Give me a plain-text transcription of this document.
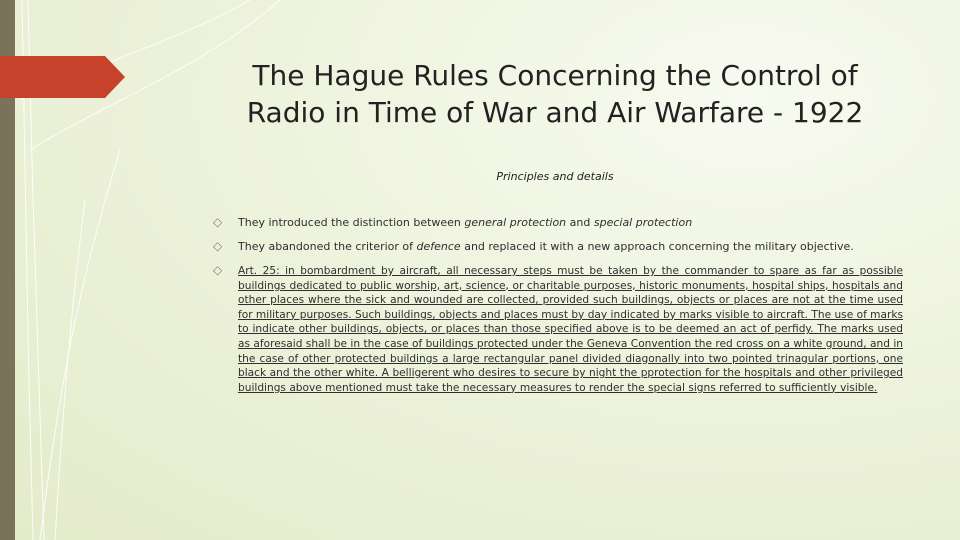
The Hague Rules Concerning the Control of
Radio in Time of War and Air Warfare - 1922
Principles and details
◇	They introduced the distinction between general protection and special protection
◇	They abandoned the criterior of defence and replaced it with a new approach concerning the military objective.
◇	Art. 25: in bombardment by aircraft, all necessary steps must be taken by the commander to spare as far as possible buildings dedicated to public worship, art, science, or charitable purposes, historic monuments, hospital ships, hospitals and other places where the sick and wounded are collected, provided such buildings, objects or places are not at the time used for military purposes. Such buildings, objects and places must by day indicated by marks visible to aircraft. The use of marks to indicate other buildings, objects, or places than those specified above is to be deemed an act of perfidy. The marks used as aforesaid shall be in the case of buildings protected under the Geneva Convention the red cross on a white ground, and in the case of other protected buildings a large rectangular panel divided diagonally into two pointed trinagular portions, one black and the other white. A belligerent who desires to secure by night the pprotection for the hospitals and other privileged buildings above mentioned must take the necessary measures to render the special signs referred to sufficiently visible.
